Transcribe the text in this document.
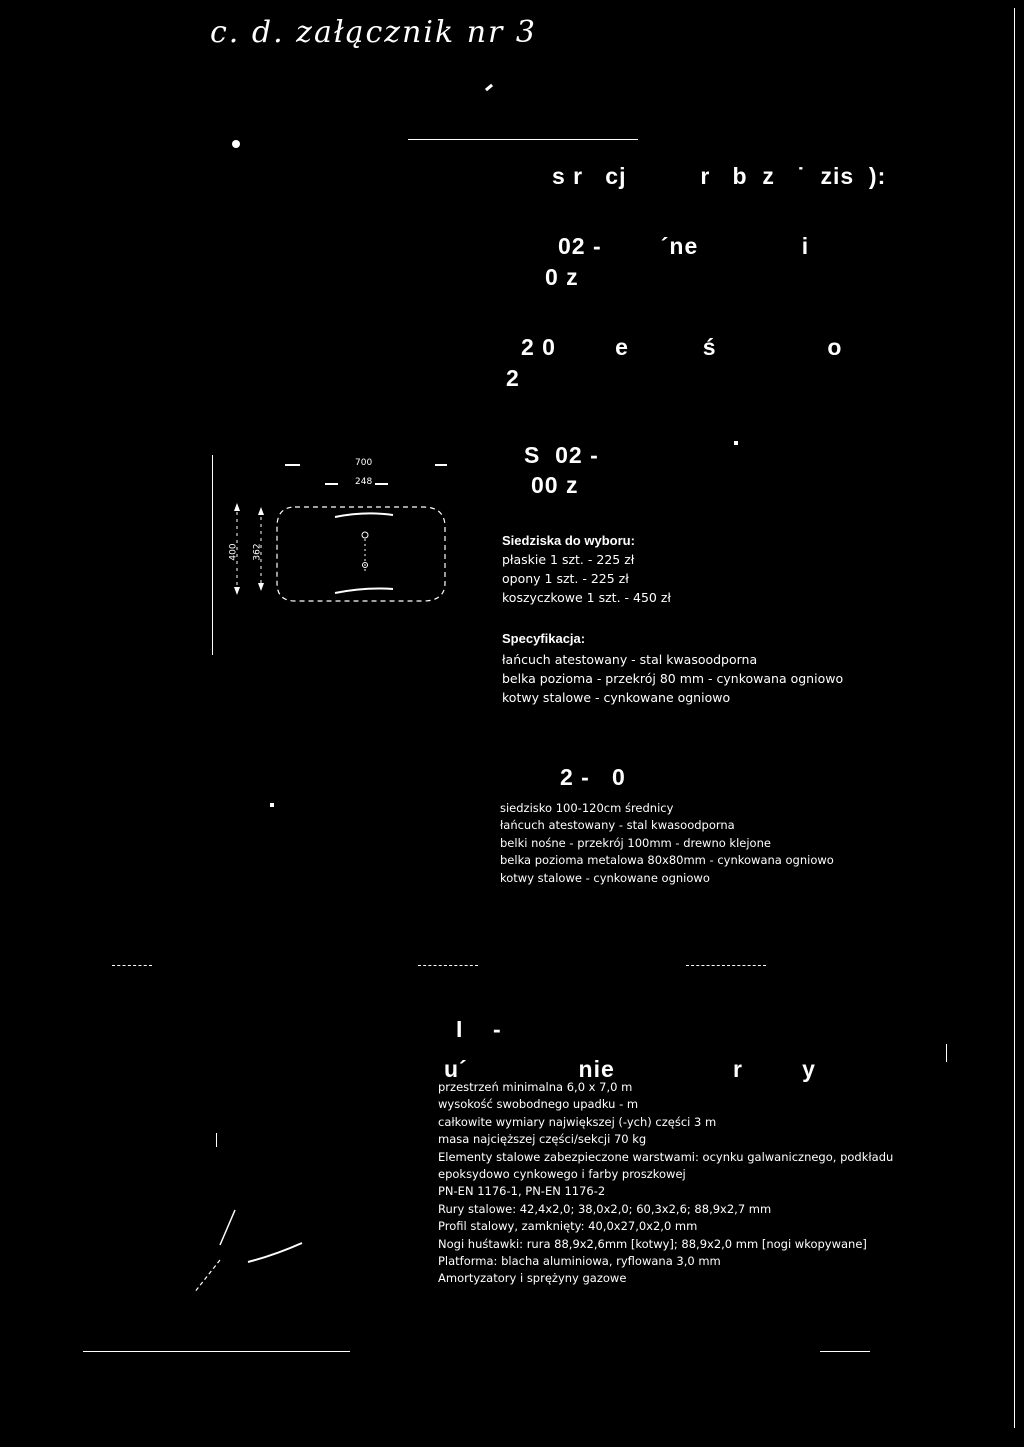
c. d. załącznik nr 3
s r   cj          r   b  z   ˙  zis  ):
02 -        ´ne              i
0 z
2 0        e          ś               o
2
S  02 -
00 z
700
248
400 362
Siedziska do wyboru:
płaskie 1 szt. - 225 zł
opony 1 szt. - 225 zł
koszyczkowe 1 szt. - 450 zł
Specyfikacja:
łańcuch atestowany - stal kwasoodporna
belka pozioma - przekrój 80 mm - cynkowana ogniowo
kotwy stalowe - cynkowane ogniowo
2 -   0
siedzisko 100-120cm średnicy
łańcuch atestowany - stal kwasoodporna
belki nośne - przekrój 100mm - drewno klejone
belka pozioma metalowa 80x80mm - cynkowana ogniowo
kotwy stalowe - cynkowane ogniowo
I    -
u´               nie                r        y
przestrzeń minimalna 6,0 x 7,0 m
wysokość swobodnego upadku - m
całkowite wymiary największej (-ych) części 3 m
masa najcięższej części/sekcji 70 kg
Elementy stalowe zabezpieczone warstwami: ocynku galwanicznego, podkładu
epoksydowo cynkowego i farby proszkowej
PN-EN 1176-1, PN-EN 1176-2
Rury stalowe: 42,4x2,0; 38,0x2,0; 60,3x2,6; 88,9x2,7 mm
Profil stalowy, zamknięty: 40,0x27,0x2,0 mm
Nogi huśtawki: rura 88,9x2,6mm [kotwy]; 88,9x2,0 mm [nogi wkopywane]
Platforma: blacha aluminiowa, ryflowana 3,0 mm
Amortyzatory i sprężyny gazowe
